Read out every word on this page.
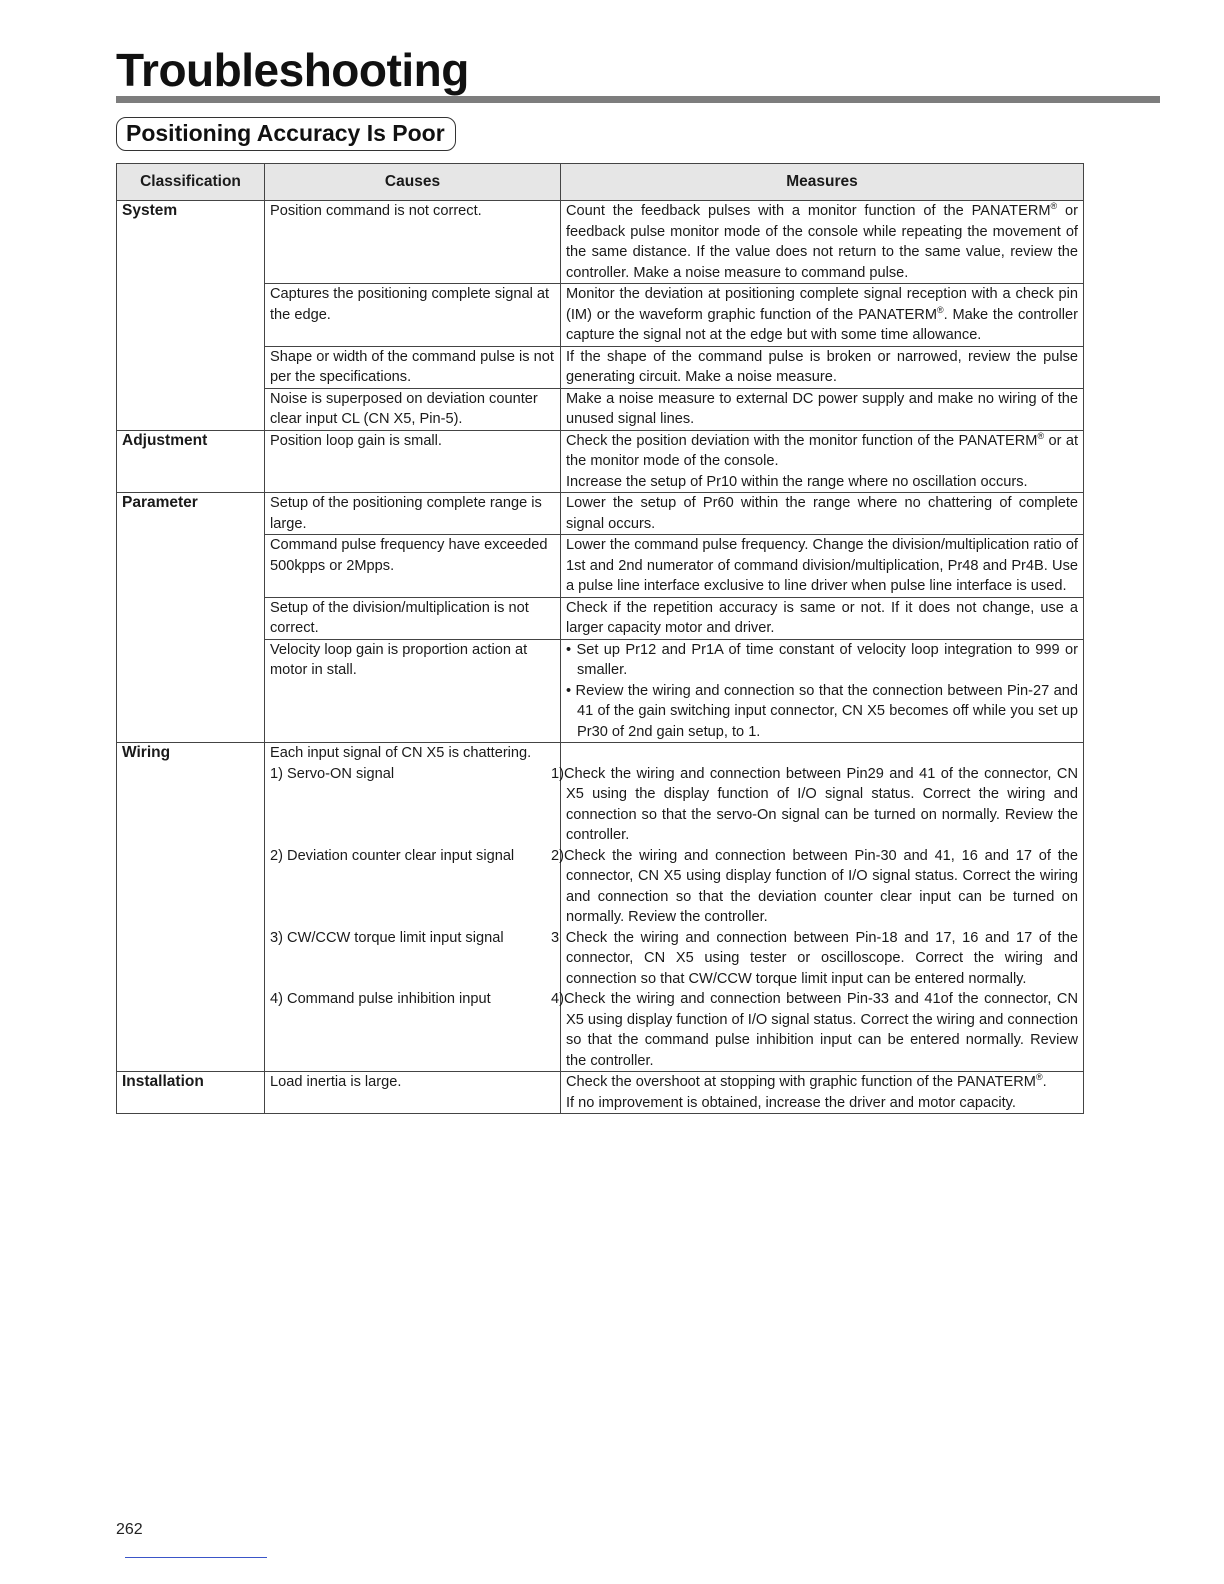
Troubleshooting
Positioning Accuracy Is Poor
Classification	Causes	Measures
System	Position command is not correct.	Count the feedback pulses with a monitor function of the PANATERM® or feedback pulse monitor mode of the console while repeating the movement of the same distance. If the value does not return to the same value, review the controller. Make a noise measure to command pulse.
	Captures the positioning complete signal at the edge.	Monitor the deviation at positioning complete signal reception with a check pin (IM) or the waveform graphic function of the PANATERM®. Make the controller capture the signal not at the edge but with some time allowance.
	Shape or width of the command pulse is not per the specifications.	If the shape of the command pulse is broken or narrowed, review the pulse generating circuit. Make a noise measure.
	Noise is superposed on deviation counter clear input CL (CN X5, Pin-5).	Make a noise measure to external DC power supply and make no wiring of the unused signal lines.
Adjustment	Position loop gain is small.	Check the position deviation with the monitor function of the PANATERM® or at the monitor mode of the console.
Increase the setup of Pr10 within the range where no oscillation occurs.

Parameter	Setup of the positioning complete range is large.	Lower the setup of Pr60 within the range where no chattering of complete signal occurs.
	Command pulse frequency have exceeded 500kpps or 2Mpps.	Lower the command pulse frequency. Change the division/multiplication ratio of 1st and 2nd numerator of command division/multiplication, Pr48 and Pr4B. Use a pulse line interface exclusive to line driver when pulse line interface is used.
	Setup of the division/multiplication is not correct.	Check if the repetition accuracy is same or not. If it does not change, use a larger capacity motor and driver.
	Velocity loop gain is proportion action at motor in stall.	• Set up Pr12 and Pr1A of time constant of velocity loop integration to 999 or smaller.
• Review the wiring and connection so that the connection between Pin-27 and 41 of the gain switching input connector, CN X5 becomes off while you set up Pr30 of 2nd gain setup, to 1.

Wiring	Each input signal of CN X5 is chattering.	
	1) Servo-ON signal	1)Check the wiring and connection between Pin29 and 41 of the connector, CN X5 using the display function of I/O signal status. Correct the wiring and connection so that the servo-On signal can be turned on normally. Review the controller.
	2) Deviation counter clear input signal	2)Check the wiring and connection between Pin-30 and 41, 16 and 17 of the connector, CN X5 using display function of I/O signal status. Correct the wiring and connection so that the deviation counter clear input can be turned on normally. Review the controller.
	3) CW/CCW torque limit input signal	3 Check the wiring and connection between Pin-18 and 17, 16 and 17 of the connector, CN X5 using tester or oscilloscope. Correct the wiring and connection so that CW/CCW torque limit input can be entered normally.
	4) Command pulse inhibition input	4)Check the wiring and connection between Pin-33 and 41of the connector, CN X5 using display function of I/O signal status. Correct the wiring and connection so that the command pulse inhibition input can be entered normally. Review the controller.
Installation	Load inertia is large.	Check the overshoot at stopping with graphic function of the PANATERM®.
If no improvement is obtained, increase the driver and motor capacity.
262
